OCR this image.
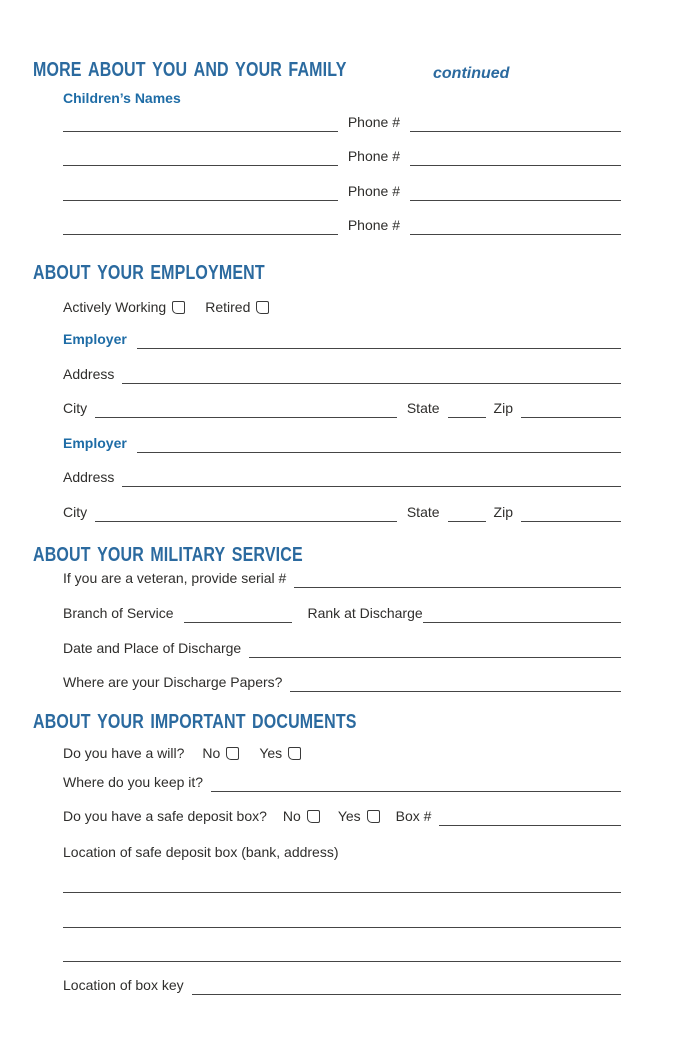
more about you and your family	continued
Children’s Names
Phone #
Phone #
Phone #
Phone #
about your employment
Actively Working	Retired
Employer
Address
City	State	Zip
Employer
Address
City	State	Zip
about your military service
If you are a veteran, provide serial #
Branch of Service	Rank at Discharge
Date and Place of Discharge
Where are your Discharge Papers?
about your important documents
Do you have a will? No	Yes
Where do you keep it?
Do you have a safe deposit box? No	Yes	Box #
Location of safe deposit box (bank, address)
Location of box key
